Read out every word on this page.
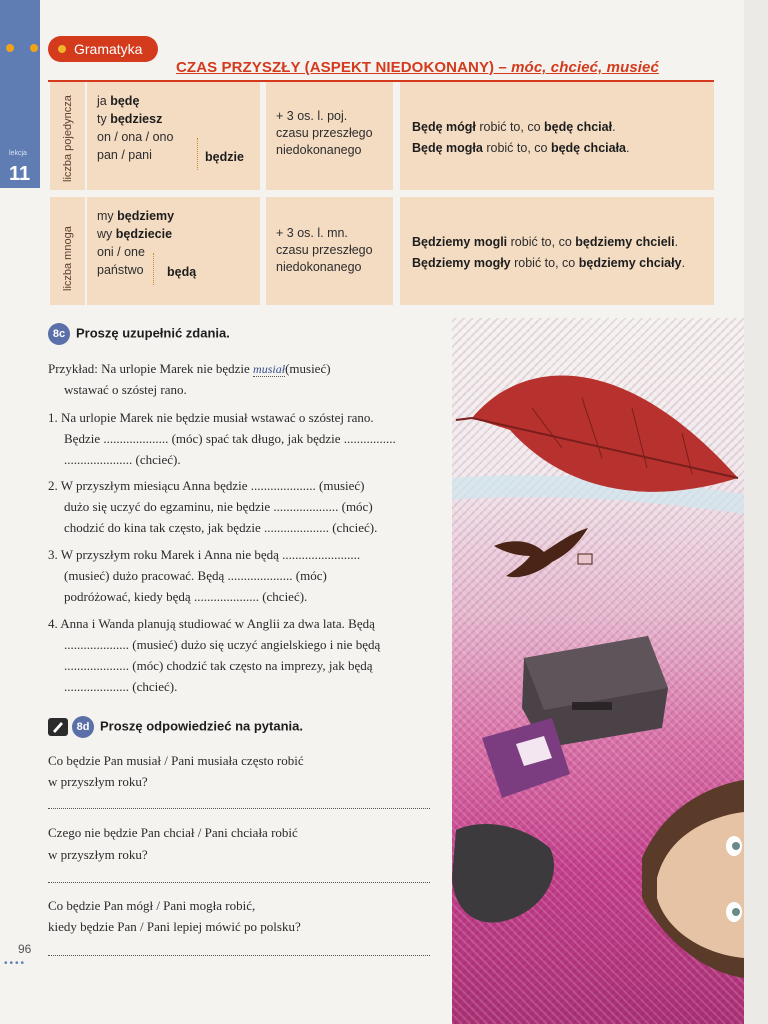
lekcja
11
Gramatyka
CZAS PRZYSZŁY (ASPEKT NIEDOKONANY) – móc, chcieć, musieć
liczba pojedyncza ja będę
ty będziesz
on / ona / ono
pan / pani	będzie
+ 3 os. l. poj.
czasu przeszłego
niedokonanego
Będę mógł robić to, co będę chciał.
Będę mogła robić to, co będę chciała.
liczba mnoga
my będziemy
wy będziecie
oni / one
państwo	będą
+ 3 os. l. mn.
czasu przeszłego
niedokonanego
Będziemy mogli robić to, co będziemy chcieli.
Będziemy mogły robić to, co będziemy chciały.
8c Proszę uzupełnić zdania.
Przykład: Na urlopie Marek nie będzie musiał(musieć)
wstawać o szóstej rano.
1. Na urlopie Marek nie będzie musiał wstawać o szóstej rano.
Będzie .................... (móc) spać tak długo, jak będzie ................
..................... (chcieć).
2. W przyszłym miesiącu Anna będzie .................... (musieć)
dużo się uczyć do egzaminu, nie będzie .................... (móc)
chodzić do kina tak często, jak będzie .................... (chcieć).
3. W przyszłym roku Marek i Anna nie będą ........................
(musieć) dużo pracować. Będą .................... (móc)
podróżować, kiedy będą .................... (chcieć).
4. Anna i Wanda planują studiować w Anglii za dwa lata. Będą
.................... (musieć) dużo się uczyć angielskiego i nie będą
.................... (móc) chodzić tak często na imprezy, jak będą
.................... (chcieć).
8d Proszę odpowiedzieć na pytania.
Co będzie Pan musiał / Pani musiała często robić
w przyszłym roku?
Czego nie będzie Pan chciał / Pani chciała robić
w przyszłym roku?
Co będzie Pan mógł / Pani mogła robić,
kiedy będzie Pan / Pani lepiej mówić po polsku?
96
••••
